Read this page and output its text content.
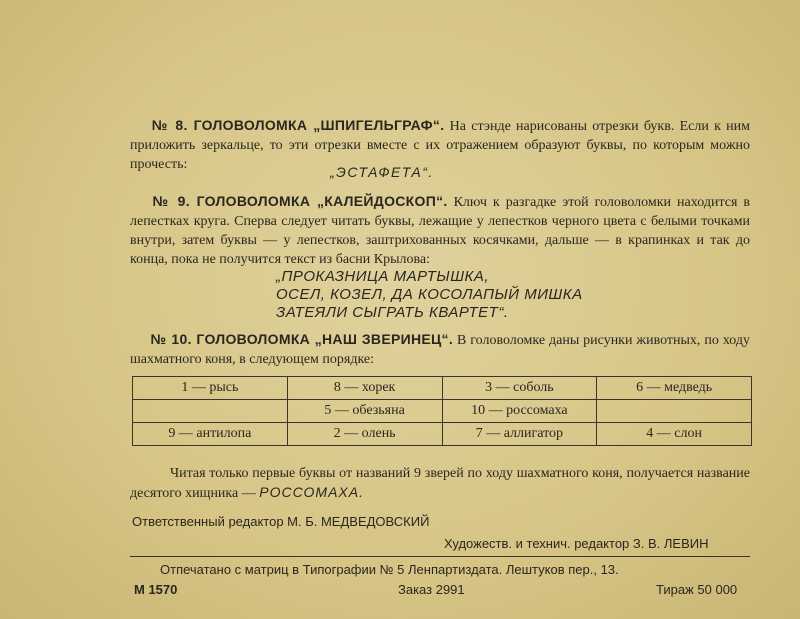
№ 8. ГОЛОВОЛОМКА „ШПИГЕЛЬГРАФ“. На стэнде нарисованы отрезки букв. Если к ним приложить зеркальце, то эти отрезки вместе с их отражением образуют буквы, по которым можно прочесть:	„ЭСТАФЕТА“.
№ 9. ГОЛОВОЛОМКА „КАЛЕЙДОСКОП“. Ключ к разгадке этой головоломки находится в лепестках круга. Сперва следует читать буквы, лежащие у лепестков черного цвета с белыми точками внутри, затем буквы — у лепестков, заштрихованных косячками, дальше — в крапинках и так до конца, пока не получится текст из басни Крылова:
„ПРОКАЗНИЦА МАРТЫШКА,
ОСЕЛ, КОЗЕЛ, ДА КОСОЛАПЫЙ МИШКА
ЗАТЕЯЛИ СЫГРАТЬ КВАРТЕТ“.
№ 10. ГОЛОВОЛОМКА „НАШ ЗВЕРИНЕЦ“. В головоломке даны рисунки животных, по ходу шахматного коня, в следующем порядке:
1 — рысь	8 — хорек	3 — соболь	6 — медведь
	5 — обезьяна	10 — россомаха	
9 — антилопа	2 — олень	7 — аллигатор	4 — слон
Читая только первые буквы от названий 9 зверей по ходу шахматного коня, получается название десятого хищника — РОССОМАХА.
Ответственный редактор М. Б. МЕДВЕДОВСКИЙ
Художеств. и технич. редактор З. В. ЛЕВИН
Отпечатано с матриц в Типографии № 5 Ленпартиздата. Лештуков пер., 13.
М 1570	Заказ 2991	Тираж 50 000
